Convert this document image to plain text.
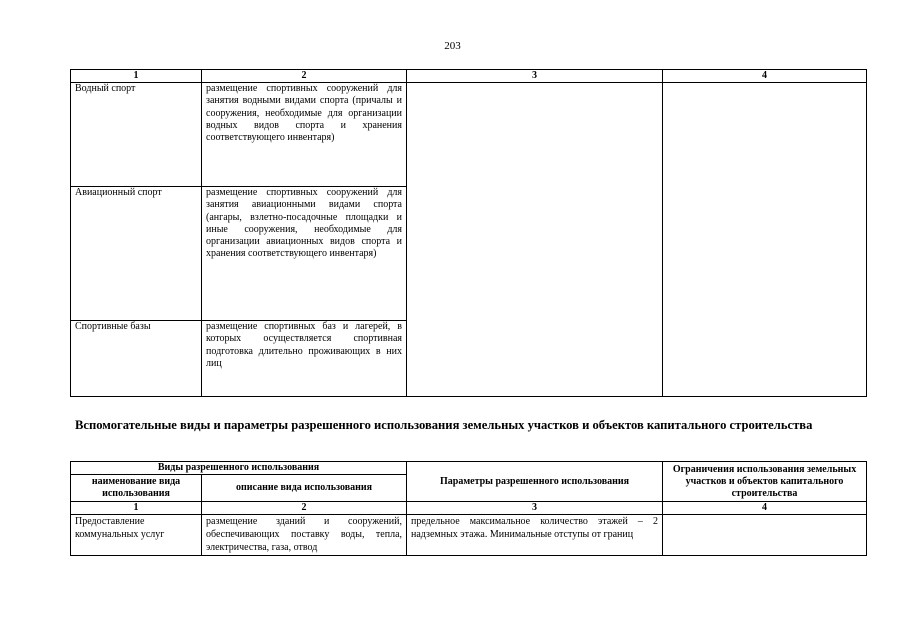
203
1	2	3	4
Водный спорт	размещение спортивных сооружений для занятия водными видами спорта (причалы и сооружения, необходимые для организации водных видов спорта и хранения соответствующего инвентаря)		
Авиационный спорт	размещение спортивных сооружений для занятия авиационными видами спорта (ангары, взлетно-посадочные площадки и иные сооружения, необходимые для организации авиационных видов спорта и хранения соответствующего инвентаря)		
Спортивные базы	размещение спортивных баз и лагерей, в которых осуществляется спортивная подготовка длительно проживающих в них лиц		
Вспомогательные виды и параметры разрешенного использования земельных участков и объектов капитального строительства
Виды разрешенного использования		Параметры разрешенного использования	Ограничения использования земельных участков и объектов капитального строительства
наименование вида использования	описание вида использования		
1	2	3	4
Предоставление коммунальных услуг	размещение зданий и сооружений, обеспечивающих поставку воды, тепла, электричества, газа, отвод	предельное максимальное количество этажей – 2 надземных этажа. Минимальные отступы от границ	
